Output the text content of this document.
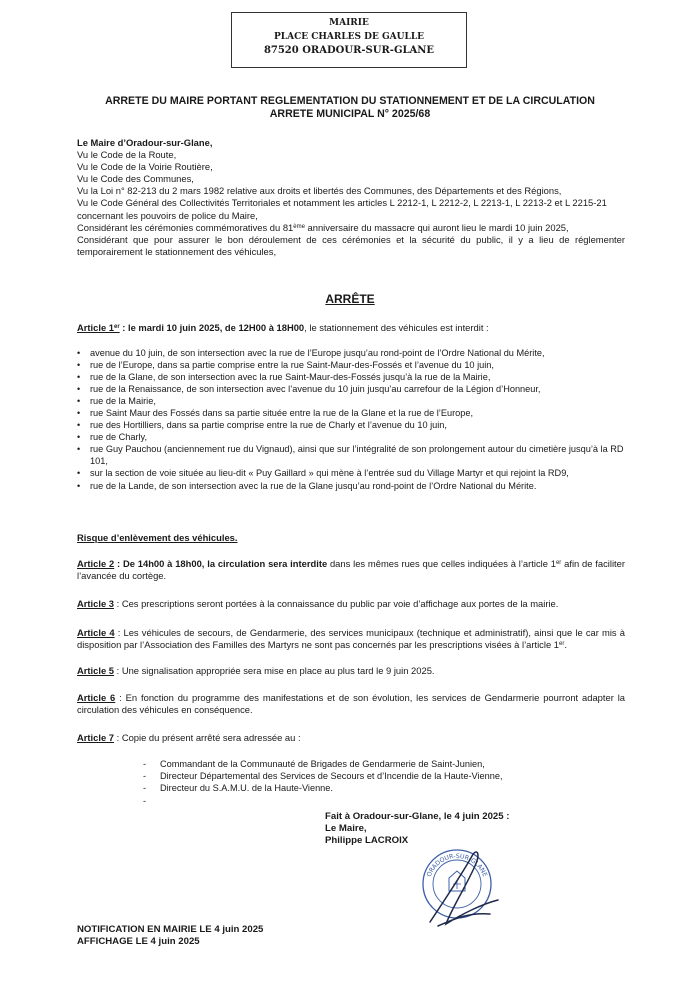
MAIRIE
PLACE CHARLES DE GAULLE
87520 ORADOUR-SUR-GLANE
ARRETE DU MAIRE PORTANT REGLEMENTATION DU STATIONNEMENT ET DE LA CIRCULATION
ARRETE MUNICIPAL N° 2025/68

Le Maire d’Oradour-sur-Glane,

Vu le Code de la Route,

Vu le Code de la Voirie Routière,

Vu le Code des Communes,

Vu la Loi n° 82-213 du 2 mars 1982 relative aux droits et libertés des Communes, des Départements et des Régions,

Vu le Code Général des Collectivités Territoriales et notamment les articles L 2212-1, L 2212-2, L 2213-1, L 2213-2 et L 2215-21 concernant les pouvoirs de police du Maire,

Considérant les cérémonies commémoratives du 81ème anniversaire du massacre qui auront lieu le mardi 10 juin 2025,

Considérant que pour assurer le bon déroulement de ces cérémonies et la sécurité du public, il y a lieu de réglementer temporairement le stationnement des véhicules,

ARRÊTE

Article 1er : le mardi 10 juin 2025, de 12H00 à 18H00, le stationnement des véhicules est interdit :

• avenue du 10 juin, de son intersection avec la rue de l’Europe jusqu’au rond-point de l’Ordre National du Mérite,
• rue de l’Europe, dans sa partie comprise entre la rue Saint-Maur-des-Fossés et l’avenue du 10 juin,
• rue de la Glane, de son intersection avec la rue Saint-Maur-des-Fossés jusqu’à la rue de la Mairie,
• rue de la Renaissance, de son intersection avec l’avenue du 10 juin jusqu’au carrefour de la Légion d’Honneur,
• rue de la Mairie,
• rue Saint Maur des Fossés dans sa partie située entre la rue de la Glane et la rue de l’Europe,
• rue des Hortilliers, dans sa partie comprise entre la rue de Charly et l’avenue du 10 juin,
• rue de Charly,
• rue Guy Pauchou (anciennement rue du Vignaud), ainsi que sur l’intégralité de son prolongement autour du cimetière jusqu’à la RD 101,
• sur la section de voie située au lieu-dit « Puy Gaillard » qui mène à l’entrée sud du Village Martyr et qui rejoint la RD9,
• rue de la Lande, de son intersection avec la rue de la Glane jusqu’au rond-point de l’Ordre National du Mérite.
Risque d’enlèvement des véhicules.

Article 2 : De 14h00 à 18h00, la circulation sera interdite dans les mêmes rues que celles indiquées à l’article 1er afin de faciliter l’avancée du cortège.

Article 3 : Ces prescriptions seront portées à la connaissance du public par voie d’affichage aux portes de la mairie.

Article 4 : Les véhicules de secours, de Gendarmerie, des services municipaux (technique et administratif), ainsi que le car mis à disposition par l’Association des Familles des Martyrs ne sont pas concernés par les prescriptions visées à l’article 1er.

Article 5 : Une signalisation appropriée sera mise en place au plus tard le 9 juin 2025.

Article 6 : En fonction du programme des manifestations et de son évolution, les services de Gendarmerie pourront adapter la circulation des véhicules en conséquence.

Article 7 : Copie du présent arrêté sera adressée au :

- Commandant de la Communauté de Brigades de Gendarmerie de Saint-Junien,
- Directeur Départemental des Services de Secours et d’Incendie de la Haute-Vienne,
- Directeur du S.A.M.U. de la Haute-Vienne.
-
Fait à Oradour-sur-Glane, le 4 juin 2025 :
Le Maire,
Philippe LACROIX
ORADOUR-SUR-GLANE
NOTIFICATION EN MAIRIE LE 4 juin 2025
AFFICHAGE LE 4 juin 2025
